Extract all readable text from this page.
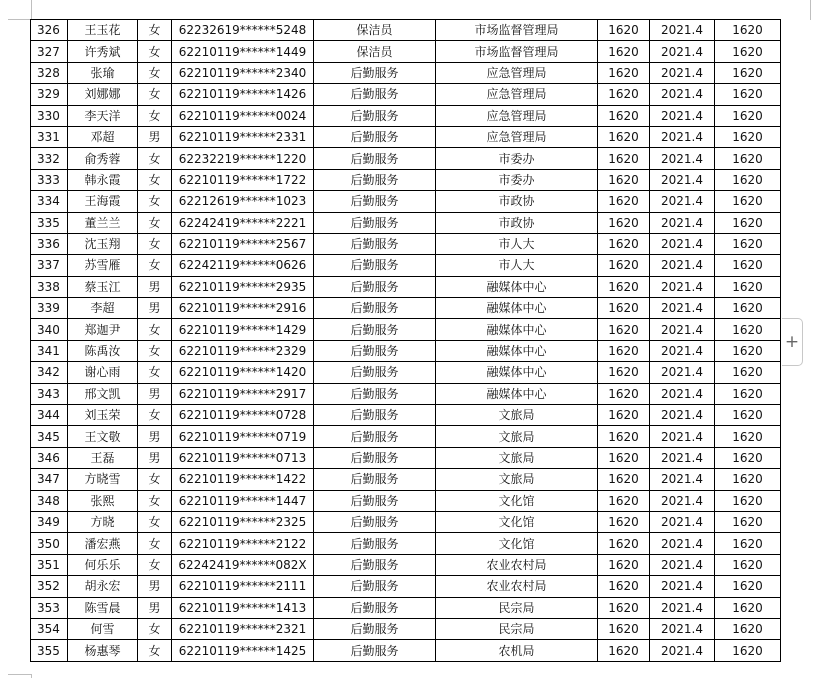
326	王玉花	女	62232619******5248	保洁员	市场监督管理局	1620	2021.4	1620
327	许秀斌	女	62210119******1449	保洁员	市场监督管理局	1620	2021.4	1620
328	张瑜	女	62210119******2340	后勤服务	应急管理局	1620	2021.4	1620
329	刘娜娜	女	62210119******1426	后勤服务	应急管理局	1620	2021.4	1620
330	李天洋	女	62210119******0024	后勤服务	应急管理局	1620	2021.4	1620
331	邓超	男	62210119******2331	后勤服务	应急管理局	1620	2021.4	1620
332	俞秀蓉	女	62232219******1220	后勤服务	市委办	1620	2021.4	1620
333	韩永霞	女	62210119******1722	后勤服务	市委办	1620	2021.4	1620
334	王海霞	女	62212619******1023	后勤服务	市政协	1620	2021.4	1620
335	董兰兰	女	62242419******2221	后勤服务	市政协	1620	2021.4	1620
336	沈玉翔	女	62210119******2567	后勤服务	市人大	1620	2021.4	1620
337	苏雪雁	女	62242119******0626	后勤服务	市人大	1620	2021.4	1620
338	蔡玉江	男	62210119******2935	后勤服务	融媒体中心	1620	2021.4	1620
339	李超	男	62210119******2916	后勤服务	融媒体中心	1620	2021.4	1620
340	郑迦尹	女	62210119******1429	后勤服务	融媒体中心	1620	2021.4	1620
341	陈禹汝	女	62210119******2329	后勤服务	融媒体中心	1620	2021.4	1620
342	谢心雨	女	62210119******1420	后勤服务	融媒体中心	1620	2021.4	1620
343	邢文凯	男	62210119******2917	后勤服务	融媒体中心	1620	2021.4	1620
344	刘玉荣	女	62210119******0728	后勤服务	文旅局	1620	2021.4	1620
345	王文敬	男	62210119******0719	后勤服务	文旅局	1620	2021.4	1620
346	王磊	男	62210119******0713	后勤服务	文旅局	1620	2021.4	1620
347	方晓雪	女	62210119******1422	后勤服务	文旅局	1620	2021.4	1620
348	张熙	女	62210119******1447	后勤服务	文化馆	1620	2021.4	1620
349	方晓	女	62210119******2325	后勤服务	文化馆	1620	2021.4	1620
350	潘宏燕	女	62210119******2122	后勤服务	文化馆	1620	2021.4	1620
351	何乐乐	女	62242419******082X	后勤服务	农业农村局	1620	2021.4	1620
352	胡永宏	男	62210119******2111	后勤服务	农业农村局	1620	2021.4	1620
353	陈雪晨	男	62210119******1413	后勤服务	民宗局	1620	2021.4	1620
354	何雪	女	62210119******2321	后勤服务	民宗局	1620	2021.4	1620
355	杨惠琴	女	62210119******1425	后勤服务	农机局	1620	2021.4	1620
+
